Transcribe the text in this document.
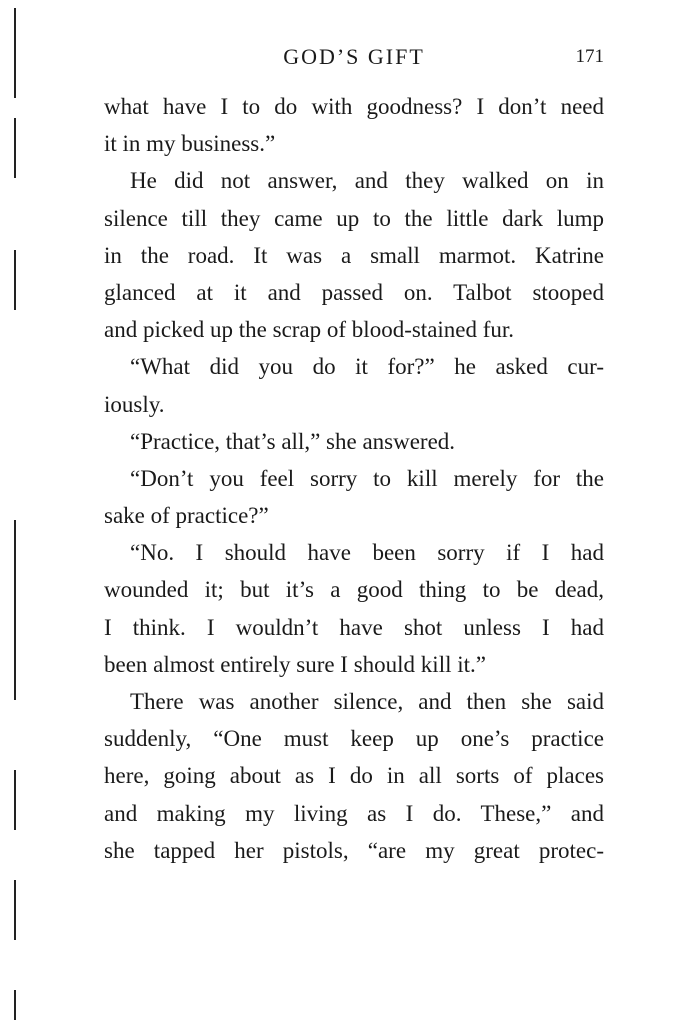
GOD’S GIFT	171
what have I to do with goodness? I don’t need
it in my business.”
He did not answer, and they walked on in
silence till they came up to the little dark lump
in the road. It was a small marmot. Katrine
glanced at it and passed on. Talbot stooped
and picked up the scrap of blood-stained fur.
“What did you do it for?” he asked cur-
iously.
“Practice, that’s all,” she answered.
“Don’t you feel sorry to kill merely for the
sake of practice?”
“No. I should have been sorry if I had
wounded it; but it’s a good thing to be dead,
I think. I wouldn’t have shot unless I had
been almost entirely sure I should kill it.”
There was another silence, and then she said
suddenly, “One must keep up one’s practice
here, going about as I do in all sorts of places
and making my living as I do. These,” and
she tapped her pistols, “are my great protec-
